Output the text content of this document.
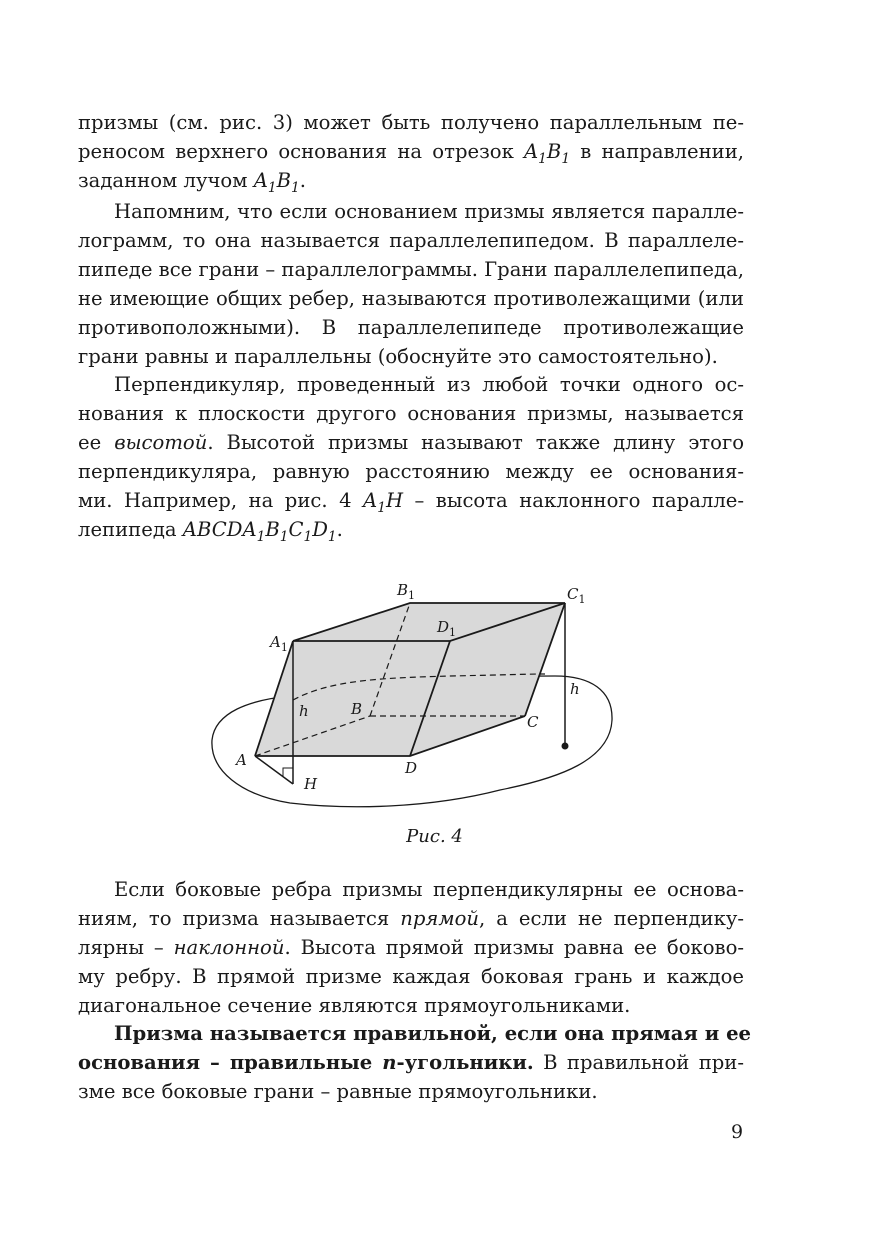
призмы (см. рис. 3) может быть получено параллельным пе-
реносом верхнего основания на отрезок $A_1B_1$ в направлении,
заданном лучом $A_1B_1$.
Напомним, что если основанием призмы является паралле-
лограмм, то она называется параллелепипедом. В параллеле-
пипеде все грани – параллелограммы. Грани параллелепипеда,
не имеющие общих ребер, называются противолежащими (или
противоположными). В параллелепипеде противолежащие
грани равны и параллельны (обоснуйте это самостоятельно).
Перпендикуляр, проведенный из любой точки одного ос-
нования к плоскости другого основания призмы, называется
ее высотой. Высотой призмы называют также длину этого
перпендикуляра, равную расстоянию между ее основания-
ми. Например, на рис. 4 $A_1H$ – высота наклонного паралле-
лепипеда $ABCDA_1B_1C_1D_1$.
A
B
C
D
H
$A_1$
$B_1$	$C_1$
$D_1$
h
h
Рис. 4
Если боковые ребра призмы перпендикулярны ее основа-
ниям, то призма называется прямой, а если не перпендику-
лярны – наклонной. Высота прямой призмы равна ее боково-
му ребру. В прямой призме каждая боковая грань и каждое
диагональное сечение являются прямоугольниками.
Призма называется правильной, если она прямая и ее
основания – правильные n-угольники. В правильной при-
зме все боковые грани – равные прямоугольники.
9
